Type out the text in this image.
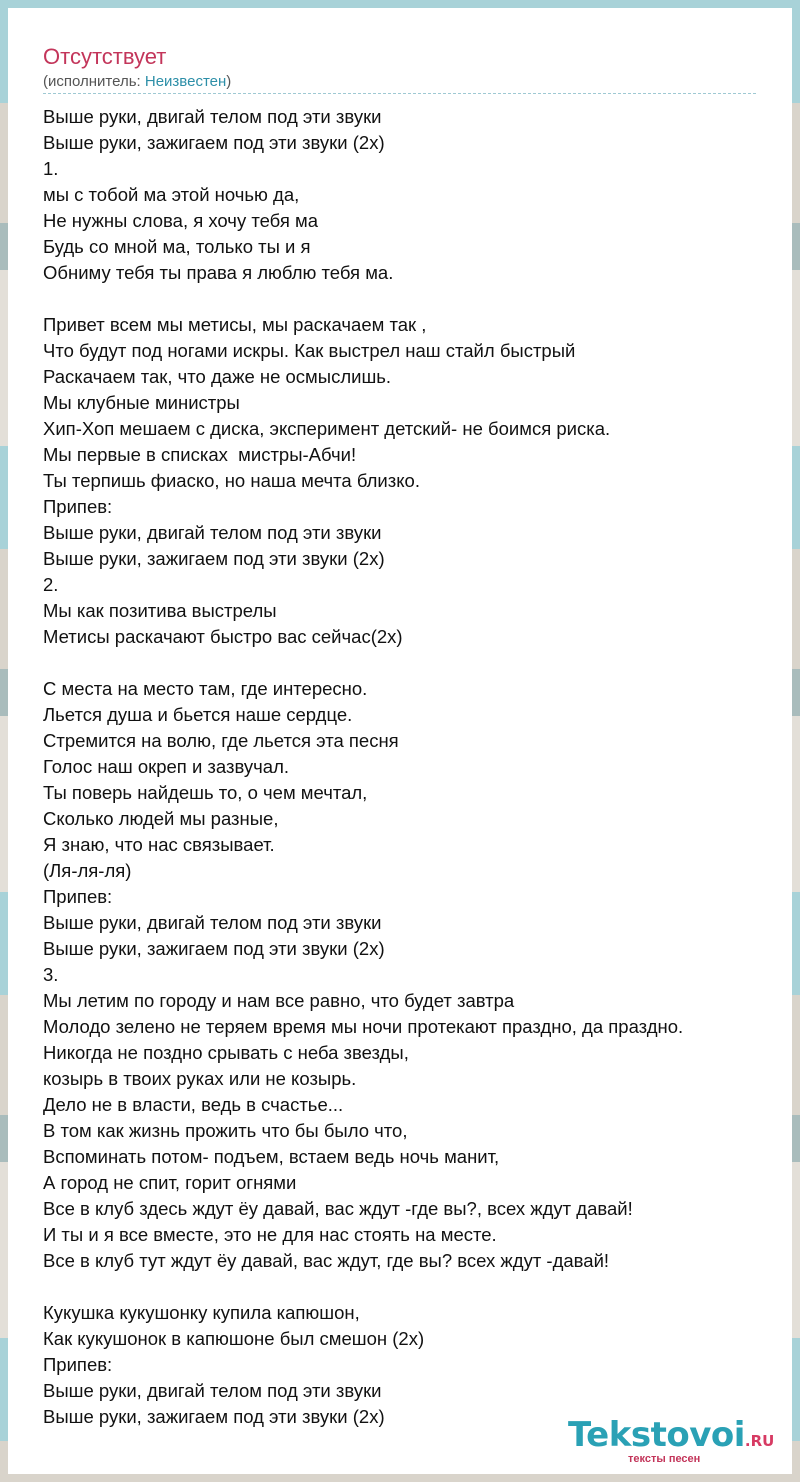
Отсутствует
(исполнитель: Неизвестен)
Выше руки, двигай телом под эти звуки
Выше руки, зажигаем под эти звуки (2х)
1.
мы с тобой ма этой ночью да,
Не нужны слова, я хочу тебя ма
Будь со мной ма, только ты и я
Обниму тебя ты права я люблю тебя ма.
Привет всем мы метисы, мы раскачаем так ,
Что будут под ногами искры. Как выстрел наш стайл быстрый
Раскачаем так, что даже не осмыслишь.
Мы клубные министры
Хип-Хоп мешаем с диска, эксперимент детский- не боимся риска.
Мы первые в списках  мистры-Абчи!
Ты терпишь фиаско, но наша мечта близко.
Припев:
Выше руки, двигай телом под эти звуки
Выше руки, зажигаем под эти звуки (2х)
2.
Мы как позитива выстрелы
Метисы раскачают быстро вас сейчас(2х)
С места на место там, где интересно.
Льется душа и бьется наше сердце.
Стремится на волю, где льется эта песня
Голос наш окреп и зазвучал.
Ты поверь найдешь то, о чем мечтал,
Сколько людей мы разные,
Я знаю, что нас связывает.
(Ля-ля-ля)
Припев:
Выше руки, двигай телом под эти звуки
Выше руки, зажигаем под эти звуки (2х)
3.
Мы летим по городу и нам все равно, что будет завтра
Молодо зелено не теряем время мы ночи протекают праздно, да праздно.
Никогда не поздно срывать с неба звезды,
козырь в твоих руках или не козырь.
Дело не в власти, ведь в счастье...
В том как жизнь прожить что бы было что,
Вспоминать потом- подъем, встаем ведь ночь манит,
А город не спит, горит огнями
Все в клуб здесь ждут ёу давай, вас ждут -где вы?, всех ждут давай!
И ты и я все вместе, это не для нас стоять на месте.
Все в клуб тут ждут ёу давай, вас ждут, где вы? всех ждут -давай!
Кукушка кукушонку купила капюшон,
Как кукушонок в капюшоне был смешон (2х)
Припев:
Выше руки, двигай телом под эти звуки
Выше руки, зажигаем под эти звуки (2х)	Tekstovoi.RU
тексты песен
